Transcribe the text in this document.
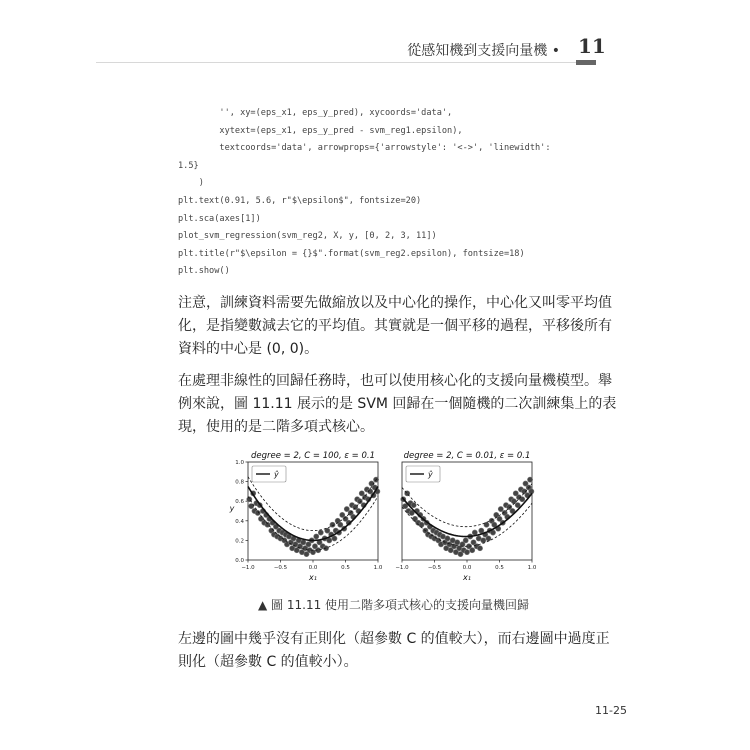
從感知機到支援向量機 • 11
'', xy=(eps_x1, eps_y_pred), xycoords='data',
xytext=(eps_x1, eps_y_pred - svm_reg1.epsilon),
textcoords='data', arrowprops={'arrowstyle': '<->', 'linewidth':
1.5}
)
plt.text(0.91, 5.6, r"$\epsilon$", fontsize=20)
plt.sca(axes[1])
plot_svm_regression(svm_reg2, X, y, [0, 2, 3, 11])
plt.title(r"$\epsilon = {}$".format(svm_reg2.epsilon), fontsize=18)
plt.show()

注意，訓練資料需要先做縮放以及中心化的操作，中心化又叫零平均值化，是指變數減去它的平均值。其實就是一個平移的過程，平移後所有資料的中心是 (0, 0)。

在處理非線性的回歸任務時，也可以使用核心化的支援向量機模型。舉例來說，圖 11.11 展示的是 SVM 回歸在一個隨機的二次訓練集上的表現，使用的是二階多項式核心。

degree = 2, C = 100, ε = 0.1
−1.0	−0.5	0.0	0.5	1.0
0.0
0.2
0.4
0.6
0.8
1.0
x₁
y
ŷ
degree = 2, C = 0.01, ε = 0.1
−1.0	−0.5	0.0	0.5	1.0
x₁
ŷ
▲ 圖 11.11 使用二階多項式核心的支援向量機回歸

左邊的圖中幾乎沒有正則化（超參數 C 的值較大），而右邊圖中過度正則化（超參數 C 的值較小）。

11-25
